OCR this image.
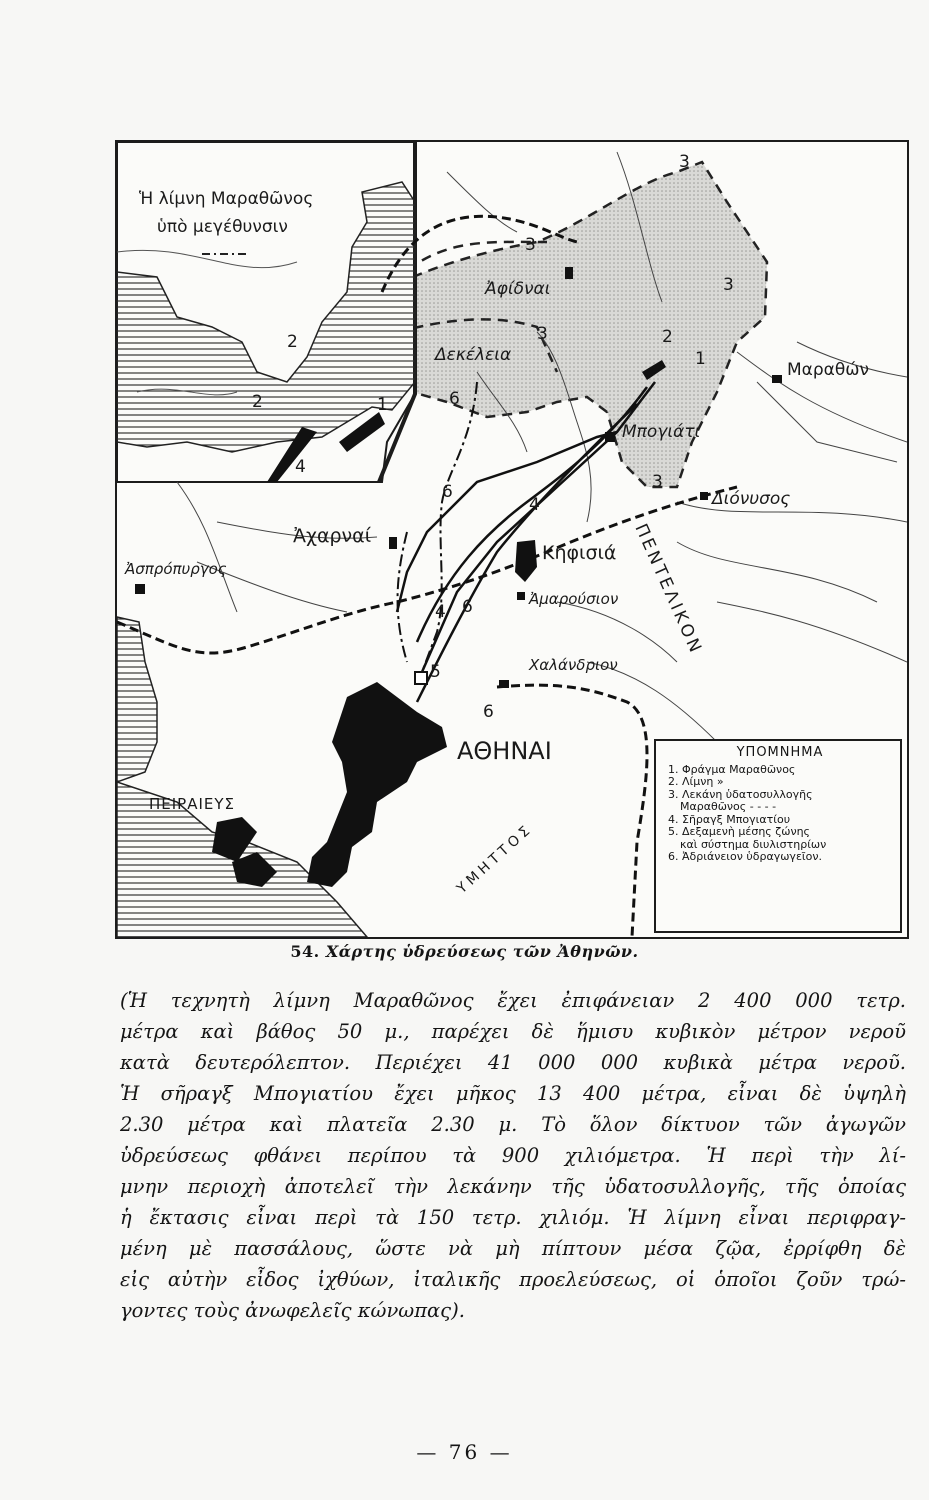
Ἡ λίμνη Μαραθῶνος
ὑπὸ μεγέθυνσιν
2
2	1
4
Ἀφίδναι
Δεκέλεια
Μαραθών
Μπογιάτι
Διόνυσος
Ἀχαρναί
Ἀσπρόπυργος
Κηφισιά
Ἀμαρούσιον
Χαλάνδριον
ΑΘΗΝΑΙ
ΠΕΙΡΑΙΕΥΣ
ΠΕΝΤΕΛΙΚΟΝ
ΥΜΗΤΤΟΣ
3
3
3
3	2
1
3
6
6
6
4
4
5
6
ΥΠΟΜΝΗΜΑ
1. Φράγμα Μαραθῶνος
2. Λίμνη »
3. Λεκάνη ὑδατοσυλλογῆς
Μαραθῶνος - - - -
4. Σῆραγξ Μπογιατίου
5. Δεξαμενὴ μέσης ζώνης
καὶ σύστημα διυλιστηρίων
6. Ἀδριάνειον ὑδραγωγεῖον.
54. Χάρτης ὑδρεύσεως τῶν Ἀθηνῶν.
(Ἡ τεχνητὴ λίμνη Μαραθῶνος ἔχει ἐπιφάνειαν 2 400 000 τετρ.
μέτρα καὶ βάθος 50 μ., παρέχει δὲ ἥμισυ κυβικὸν μέτρον νεροῦ
κατὰ δευτερόλεπτον. Περιέχει 41 000 000 κυβικὰ μέτρα νεροῦ.
Ἡ σῆραγξ Μπογιατίου ἔχει μῆκος 13 400 μέτρα, εἶναι δὲ ὑψηλὴ
2.30 μέτρα καὶ πλατεῖα 2.30 μ. Τὸ ὅλον δίκτυον τῶν ἀγωγῶν
ὑδρεύσεως φθάνει περίπου τὰ 900 χιλιόμετρα. Ἡ περὶ τὴν λί-
μνην περιοχὴ ἀποτελεῖ τὴν λεκάνην τῆς ὑδατοσυλλογῆς, τῆς ὁποίας
ἡ ἔκτασις εἶναι περὶ τὰ 150 τετρ. χιλιόμ. Ἡ λίμνη εἶναι περιφραγ-
μένη μὲ πασσάλους, ὥστε νὰ μὴ πίπτουν μέσα ζῷα, ἐρρίφθη δὲ
εἰς αὐτὴν εἶδος ἰχθύων, ἰταλικῆς προελεύσεως, οἱ ὁποῖοι ζοῦν τρώ-
γοντες τοὺς ἀνωφελεῖς κώνωπας).
— 76 —
